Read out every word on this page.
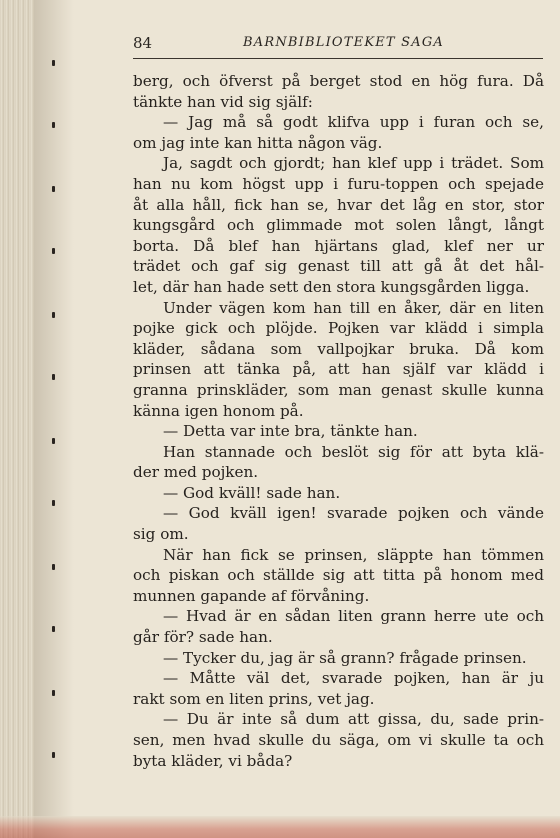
84	BARNBIBLIOTEKET SAGA
berg, och öfverst på berget stod en hög fura. Då
tänkte han vid sig själf:
— Jag må så godt klifva upp i furan och se,
om jag inte kan hitta någon väg.
Ja, sagdt och gjordt; han klef upp i trädet. Som
han nu kom högst upp i furu-toppen och spejade
åt alla håll, fick han se, hvar det låg en stor, stor
kungsgård och glimmade mot solen långt, långt
borta. Då blef han hjärtans glad, klef ner ur
trädet och gaf sig genast till att gå åt det hål-
let, där han hade sett den stora kungsgården ligga.
Under vägen kom han till en åker, där en liten
pojke gick och plöjde. Pojken var klädd i simpla
kläder, sådana som vallpojkar bruka. Då kom
prinsen att tänka på, att han själf var klädd i
granna prinskläder, som man genast skulle kunna
känna igen honom på.
— Detta var inte bra, tänkte han.
Han stannade och beslöt sig för att byta klä-
der med pojken.
— God kväll! sade han.
— God kväll igen! svarade pojken och vände
sig om.
När han fick se prinsen, släppte han tömmen
och piskan och ställde sig att titta på honom med
munnen gapande af förvåning.
— Hvad är en sådan liten grann herre ute och
går för? sade han.
— Tycker du, jag är så grann? frågade prinsen.
— Måtte väl det, svarade pojken, han är ju
rakt som en liten prins, vet jag.
— Du är inte så dum att gissa, du, sade prin-
sen, men hvad skulle du säga, om vi skulle ta och
byta kläder, vi båda?
